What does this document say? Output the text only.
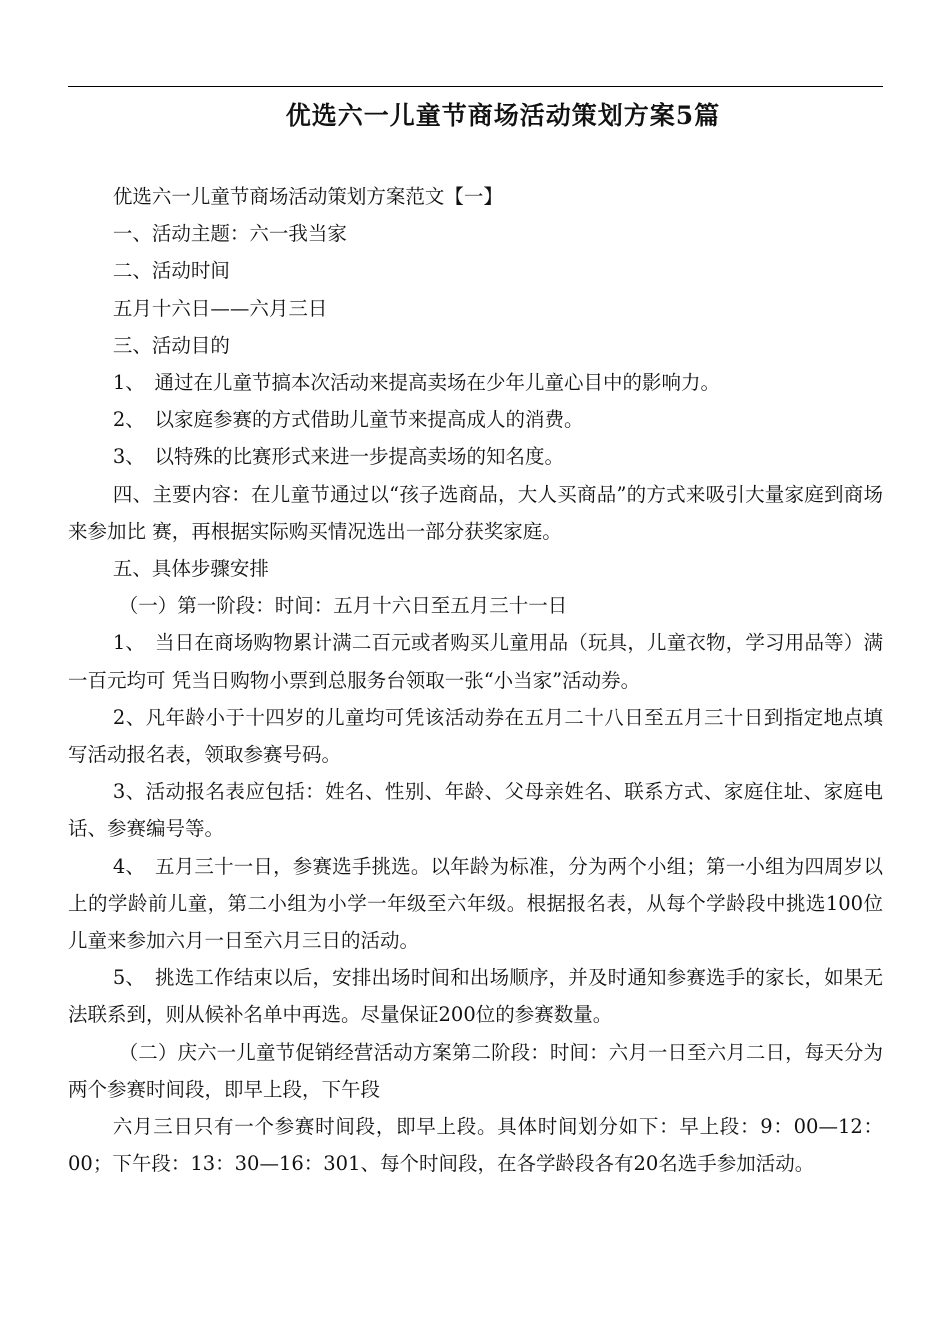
优选六一儿童节商场活动策划方案5篇

优选六一儿童节商场活动策划方案范文【一】

一、活动主题：六一我当家

二、活动时间

五月十六日——六月三日

三、活动目的

1、　通过在儿童节搞本次活动来提高卖场在少年儿童心目中的影响力。

2、　以家庭参赛的方式借助儿童节来提高成人的消费。

3、　以特殊的比赛形式来进一步提高卖场的知名度。

四、主要内容：在儿童节通过以“孩子选商品，大人买商品”的方式来吸引大量家庭到商场来参加比 赛，再根据实际购买情况选出一部分获奖家庭。

五、具体步骤安排

（一）第一阶段：时间：五月十六日至五月三十一日

1、　当日在商场购物累计满二百元或者购买儿童用品（玩具，儿童衣物，学习用品等）满一百元均可 凭当日购物小票到总服务台领取一张“小当家”活动券。

2、凡年龄小于十四岁的儿童均可凭该活动券在五月二十八日至五月三十日到指定地点填写活动报名表，领取参赛号码。

3、活动报名表应包括：姓名、性别、年龄、父母亲姓名、联系方式、家庭住址、家庭电话、参赛编号等。

4、　五月三十一日，参赛选手挑选。以年龄为标准，分为两个小组；第一小组为四周岁以上的学龄前儿童，第二小组为小学一年级至六年级。根据报名表，从每个学龄段中挑选100位儿童来参加六月一日至六月三日的活动。

5、　挑选工作结束以后，安排出场时间和出场顺序，并及时通知参赛选手的家长，如果无法联系到，则从候补名单中再选。尽量保证200位的参赛数量。

（二）庆六一儿童节促销经营活动方案第二阶段：时间：六月一日至六月二日，每天分为两个参赛时间段，即早上段，下午段

六月三日只有一个参赛时间段，即早上段。具体时间划分如下：早上段：9：00—12：00；下午段：13：30—16：301、每个时间段，在各学龄段各有20名选手参加活动。
